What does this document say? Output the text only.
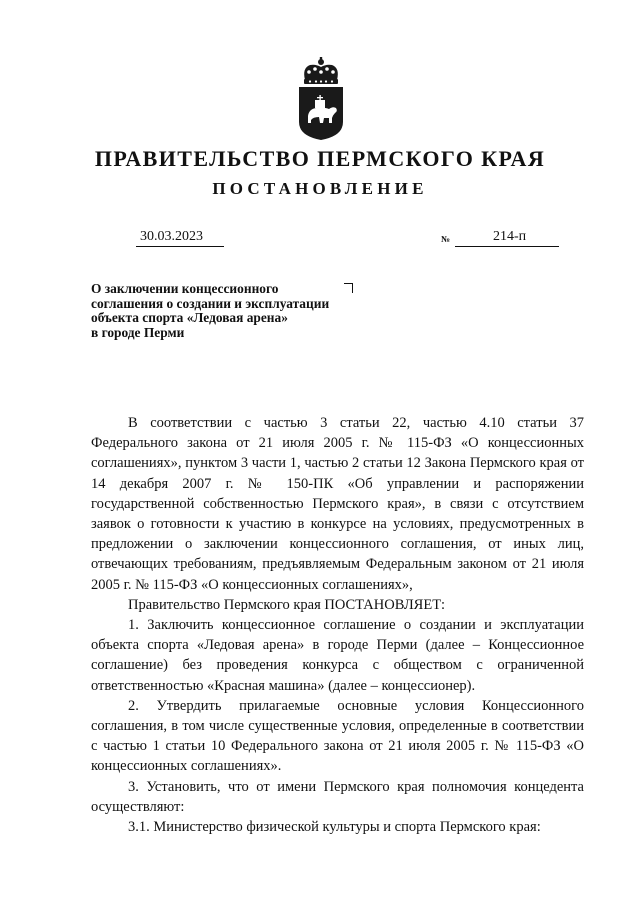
ПРАВИТЕЛЬСТВО ПЕРМСКОГО КРАЯ
ПОСТАНОВЛЕНИЕ
30.03.2023	№	214-п
О заключении концессионного
соглашения о создании и эксплуатации
объекта спорта «Ледовая арена»
в городе Перми

В соответствии с частью 3 статьи 22, частью 4.10 статьи 37 Федерального закона от 21 июля 2005 г. № 115-ФЗ «О концессионных соглашениях», пунктом 3 части 1, частью 2 статьи 12 Закона Пермского края от 14 декабря 2007 г. № 150-ПК «Об управлении и распоряжении государственной собственностью Пермского края», в связи с отсутствием заявок о готовности к участию в конкурсе на условиях, предусмотренных в предложении о заключении концессионного соглашения, от иных лиц, отвечающих требованиям, предъявляемым Федеральным законом от 21 июля 2005 г. № 115-ФЗ «О концессионных соглашениях»,

Правительство Пермского края ПОСТАНОВЛЯЕТ:

1. Заключить концессионное соглашение о создании и эксплуатации объекта спорта «Ледовая арена» в городе Перми (далее – Концессионное соглашение) без проведения конкурса с обществом с ограниченной ответственностью «Красная машина» (далее – концессионер).

2. Утвердить прилагаемые основные условия Концессионного соглашения, в том числе существенные условия, определенные в соответствии с частью 1 статьи 10 Федерального закона от 21 июля 2005 г. № 115-ФЗ «О концессионных соглашениях».

3. Установить, что от имени Пермского края полномочия концедента осуществляют:

3.1. Министерство физической культуры и спорта Пермского края:
